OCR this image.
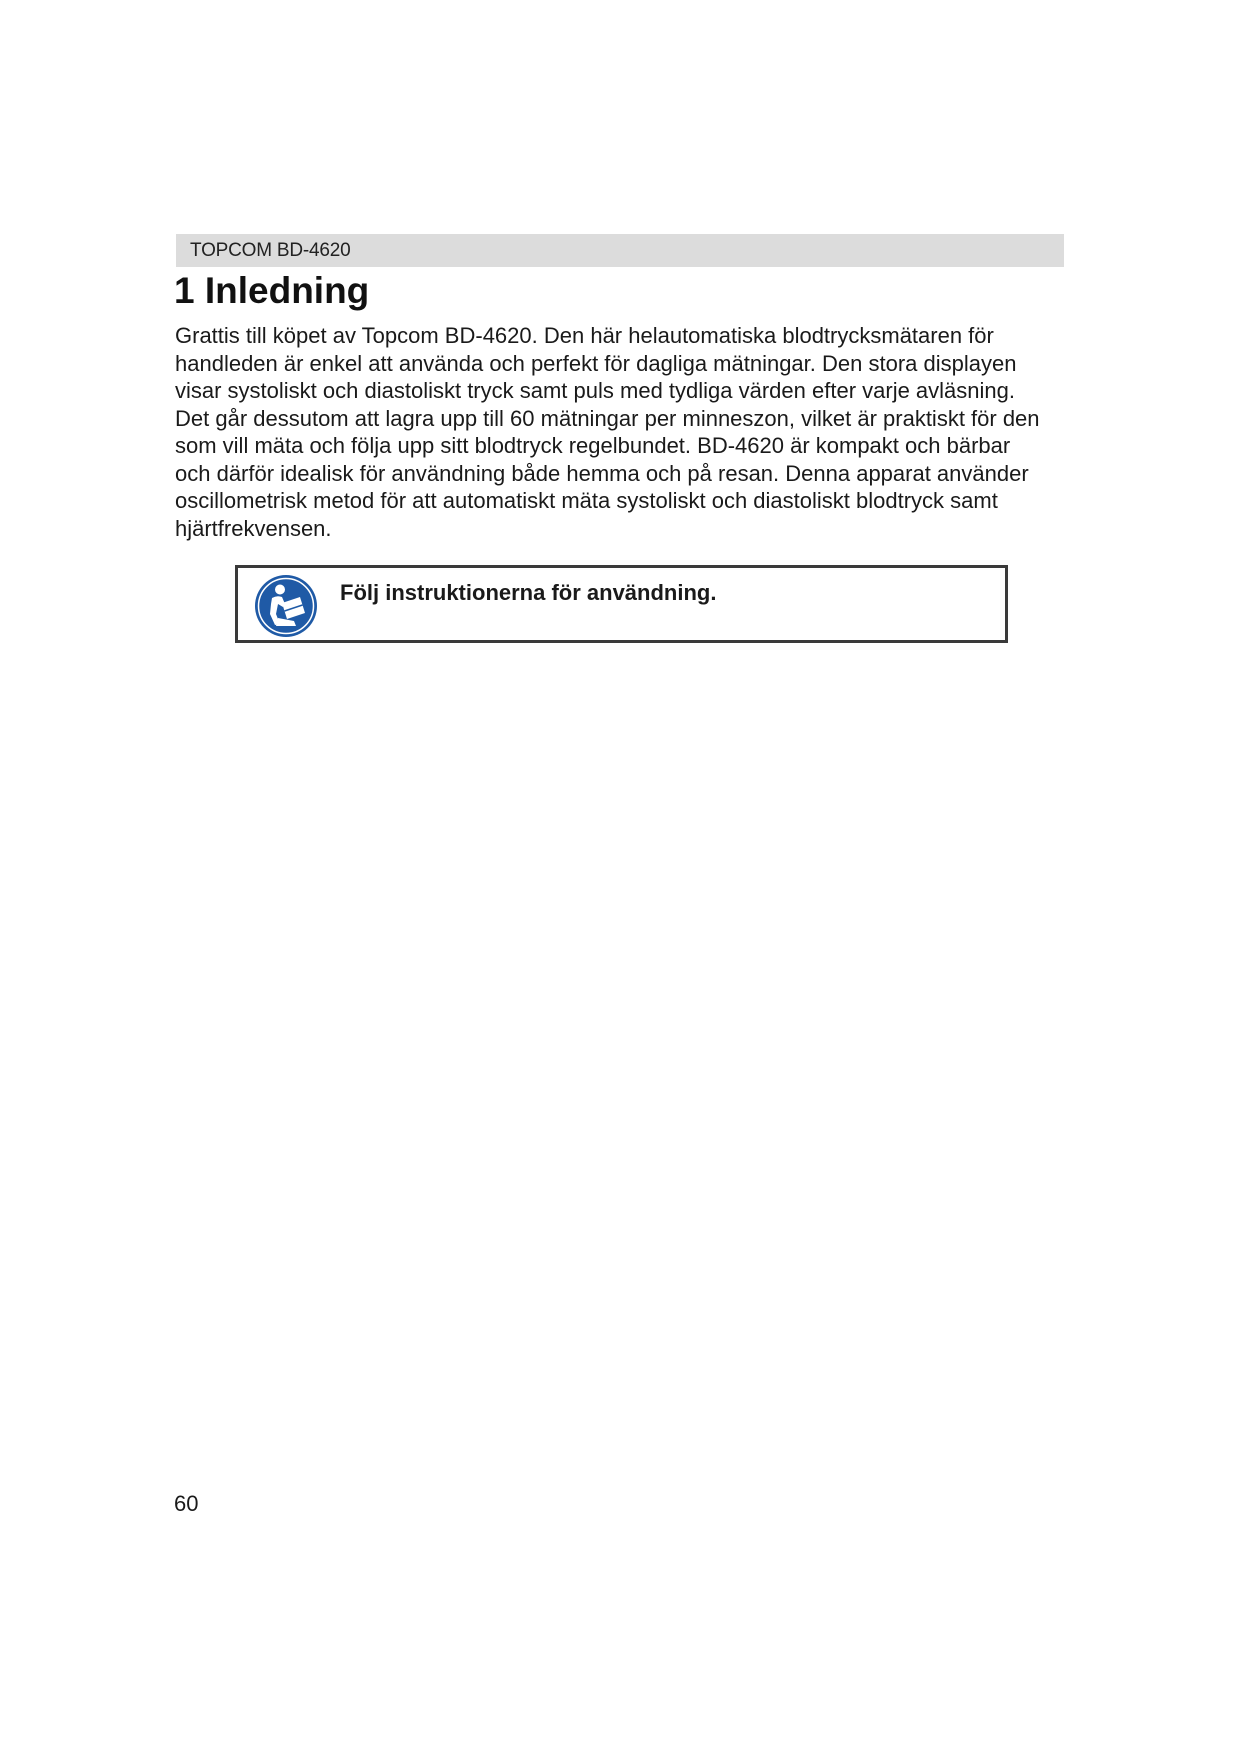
TOPCOM BD-4620
1 Inledning

Grattis till köpet av Topcom BD-4620. Den här helautomatiska blodtrycksmätaren för
handleden är enkel att använda och perfekt för dagliga mätningar. Den stora displayen
visar systoliskt och diastoliskt tryck samt puls med tydliga värden efter varje avläsning.
Det går dessutom att lagra upp till 60 mätningar per minneszon, vilket är praktiskt för den
som vill mäta och följa upp sitt blodtryck regelbundet. BD-4620 är kompakt och bärbar
och därför idealisk för användning både hemma och på resan. Denna apparat använder
oscillometrisk metod för att automatiskt mäta systoliskt och diastoliskt blodtryck samt
hjärtfrekvensen.

Följ instruktionerna för användning.
60
